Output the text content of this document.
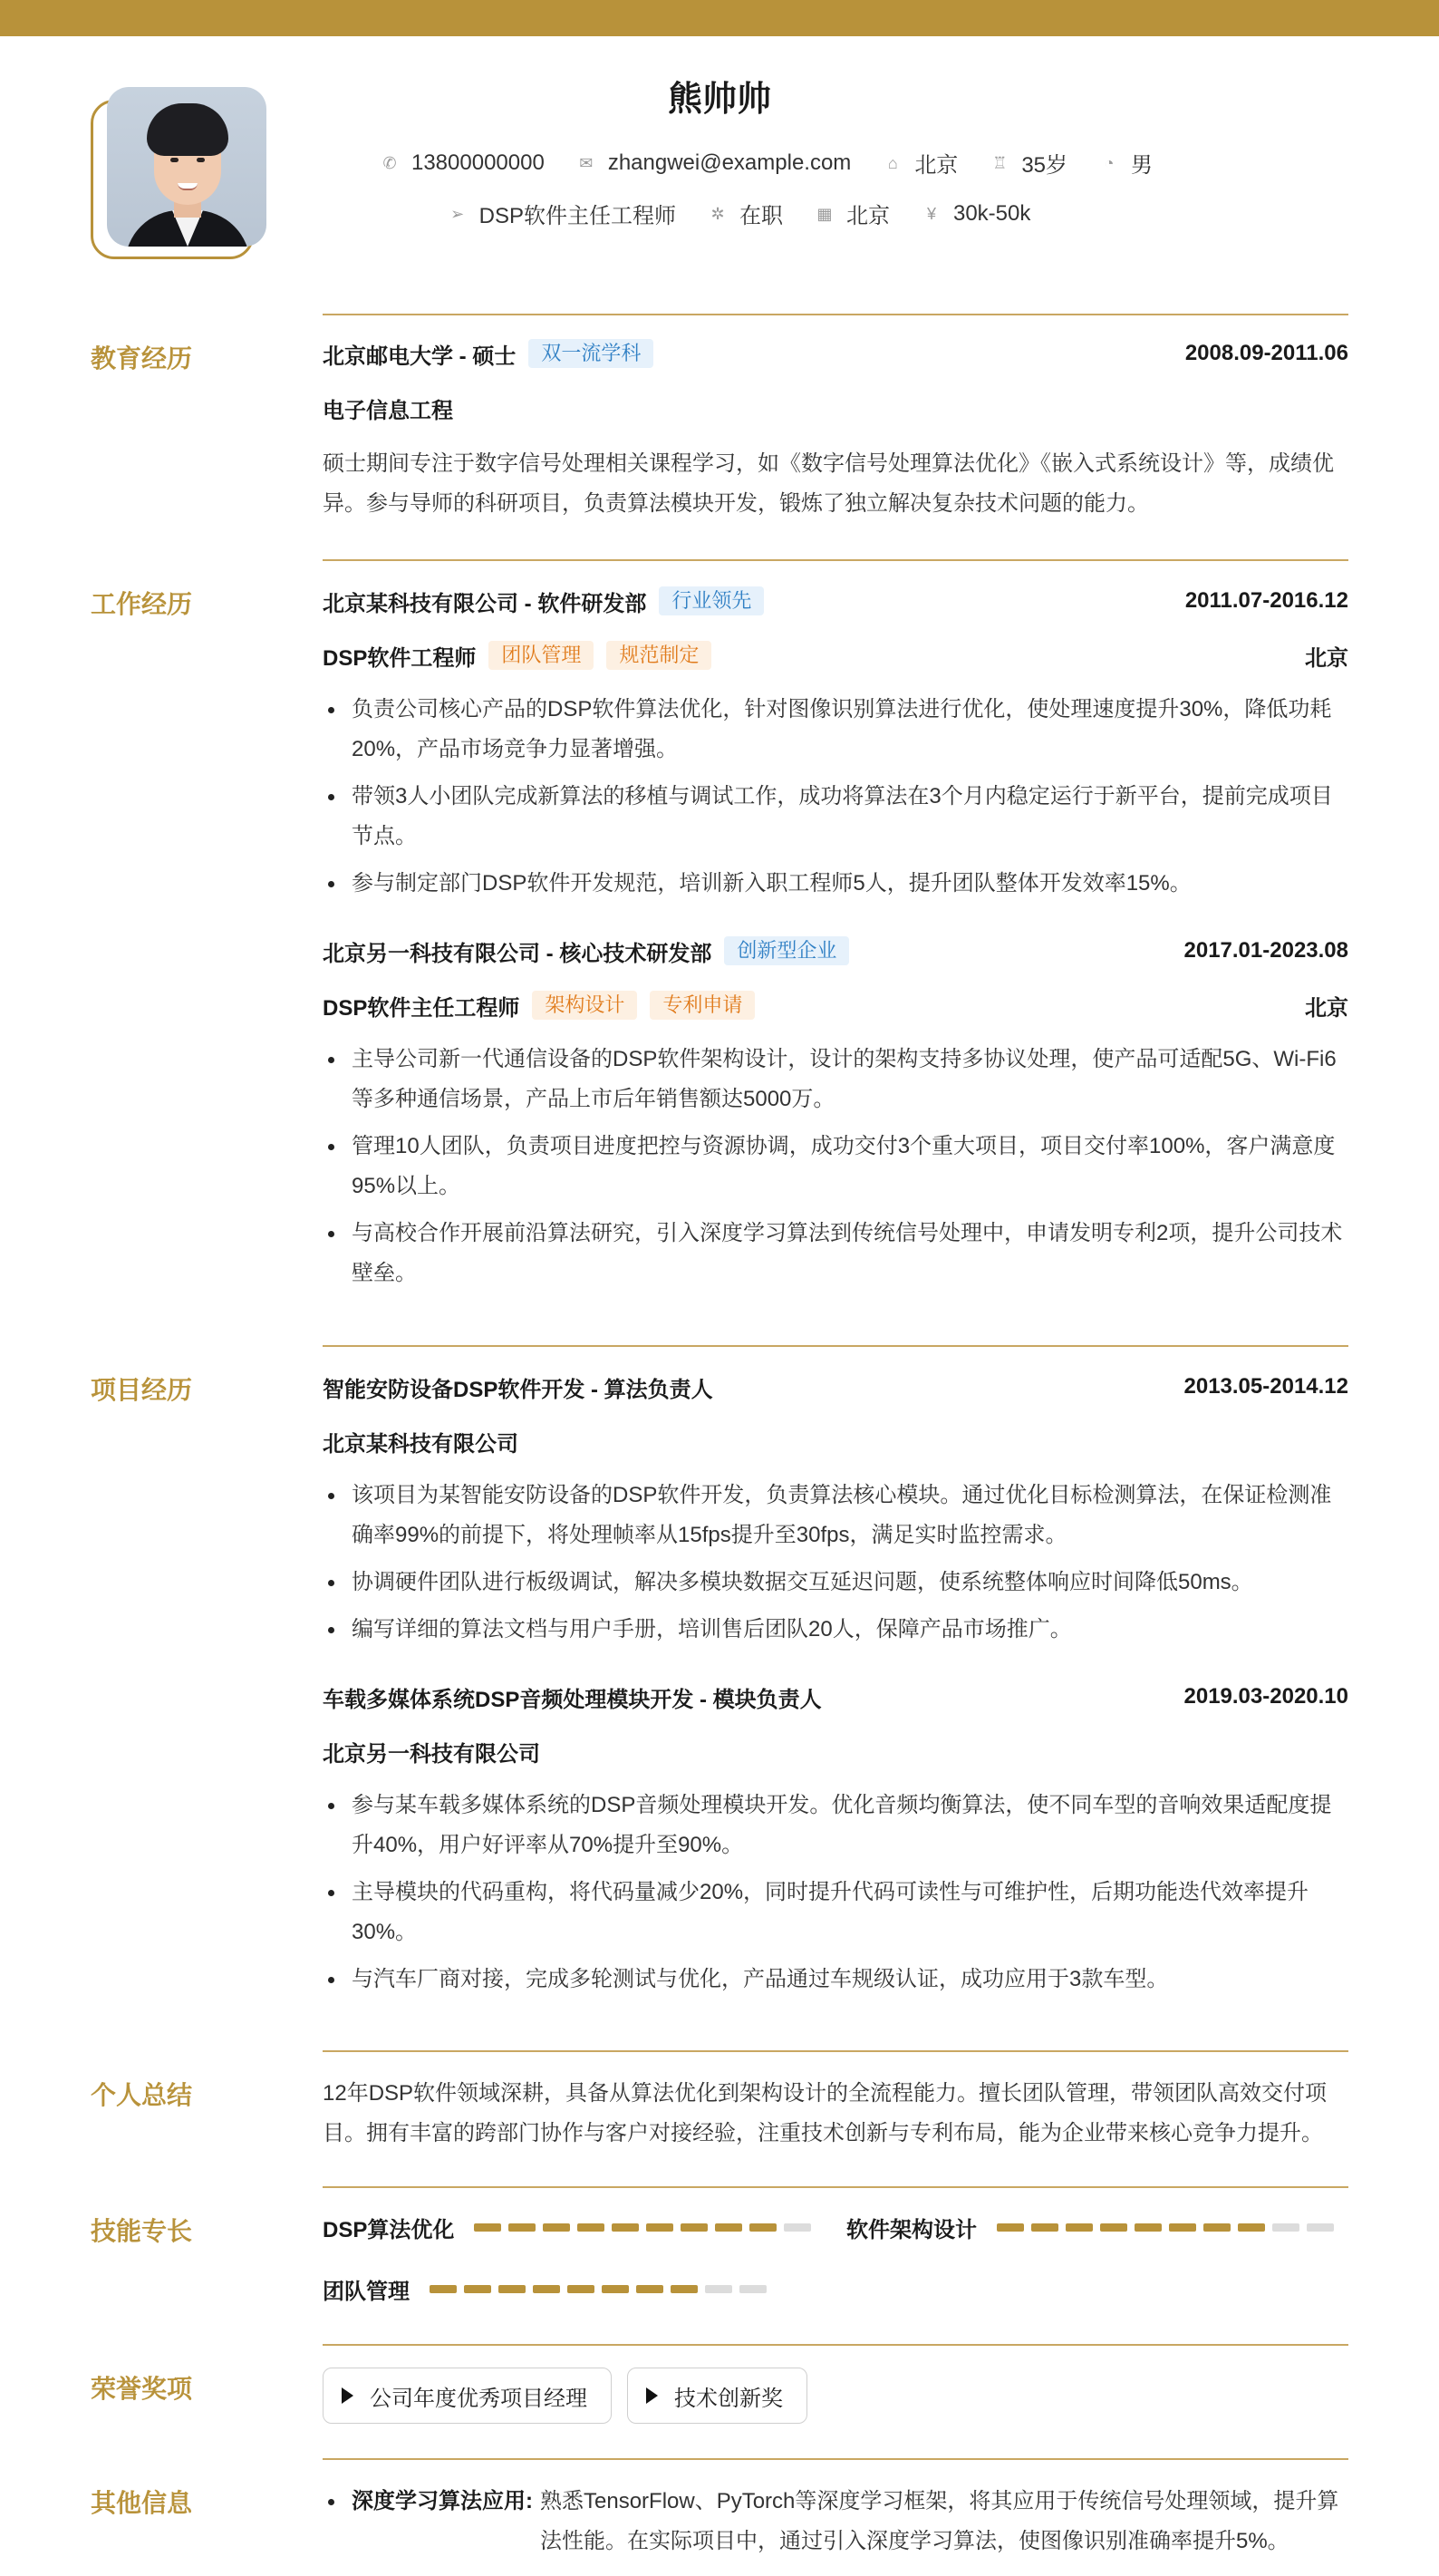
熊帅帅
✆ 13800000000 ✉ zhangwei@example.com ⌂ 北京 ♖ 35岁 ◔ 男
➢ DSP软件主任工程师 ✲ 在职 ▦ 北京 ¥ 30k-50k
教育经历	北京邮电大学 - 硕士	双一流学科	2008.09-2011.06
电子信息工程
硕士期间专注于数字信号处理相关课程学习，如《数字信号处理算法优化》《嵌入式系统设计》等，成绩优异。参与导师的科研项目，负责算法模块开发，锻炼了独立解决复杂技术问题的能力。
工作经历	北京某科技有限公司 - 软件研发部	行业领先	2011.07-2016.12
DSP软件工程师	团队管理	规范制定	北京
负责公司核心产品的DSP软件算法优化，针对图像识别算法进行优化，使处理速度提升30%，降低功耗20%，产品市场竞争力显著增强。
带领3人小团队完成新算法的移植与调试工作，成功将算法在3个月内稳定运行于新平台，提前完成项目节点。
参与制定部门DSP软件开发规范，培训新入职工程师5人，提升团队整体开发效率15%。
北京另一科技有限公司 - 核心技术研发部	创新型企业	2017.01-2023.08
DSP软件主任工程师	架构设计	专利申请	北京
主导公司新一代通信设备的DSP软件架构设计，设计的架构支持多协议处理，使产品可适配5G、Wi-Fi6等多种通信场景，产品上市后年销售额达5000万。
管理10人团队，负责项目进度把控与资源协调，成功交付3个重大项目，项目交付率100%，客户满意度95%以上。
与高校合作开展前沿算法研究，引入深度学习算法到传统信号处理中，申请发明专利2项，提升公司技术壁垒。
项目经历	智能安防设备DSP软件开发 - 算法负责人	2013.05-2014.12
北京某科技有限公司
该项目为某智能安防设备的DSP软件开发，负责算法核心模块。通过优化目标检测算法，在保证检测准确率99%的前提下，将处理帧率从15fps提升至30fps，满足实时监控需求。
协调硬件团队进行板级调试，解决多模块数据交互延迟问题，使系统整体响应时间降低50ms。
编写详细的算法文档与用户手册，培训售后团队20人，保障产品市场推广。
车载多媒体系统DSP音频处理模块开发 - 模块负责人	2019.03-2020.10
北京另一科技有限公司
参与某车载多媒体系统的DSP音频处理模块开发。优化音频均衡算法，使不同车型的音响效果适配度提升40%，用户好评率从70%提升至90%。
主导模块的代码重构，将代码量减少20%，同时提升代码可读性与可维护性，后期功能迭代效率提升30%。
与汽车厂商对接，完成多轮测试与优化，产品通过车规级认证，成功应用于3款车型。
个人总结	12年DSP软件领域深耕，具备从算法优化到架构设计的全流程能力。擅长团队管理，带领团队高效交付项目。拥有丰富的跨部门协作与客户对接经验，注重技术创新与专利布局，能为企业带来核心竞争力提升。
技能专长	DSP算法优化	软件架构设计
团队管理
荣誉奖项	公司年度优秀项目经理	技术创新奖
其他信息	深度学习算法应用: 熟悉TensorFlow、PyTorch等深度学习框架，将其应用于传统信号处理领域，提升算法性能。在实际项目中，通过引入深度学习算法，使图像识别准确率提升5%。
